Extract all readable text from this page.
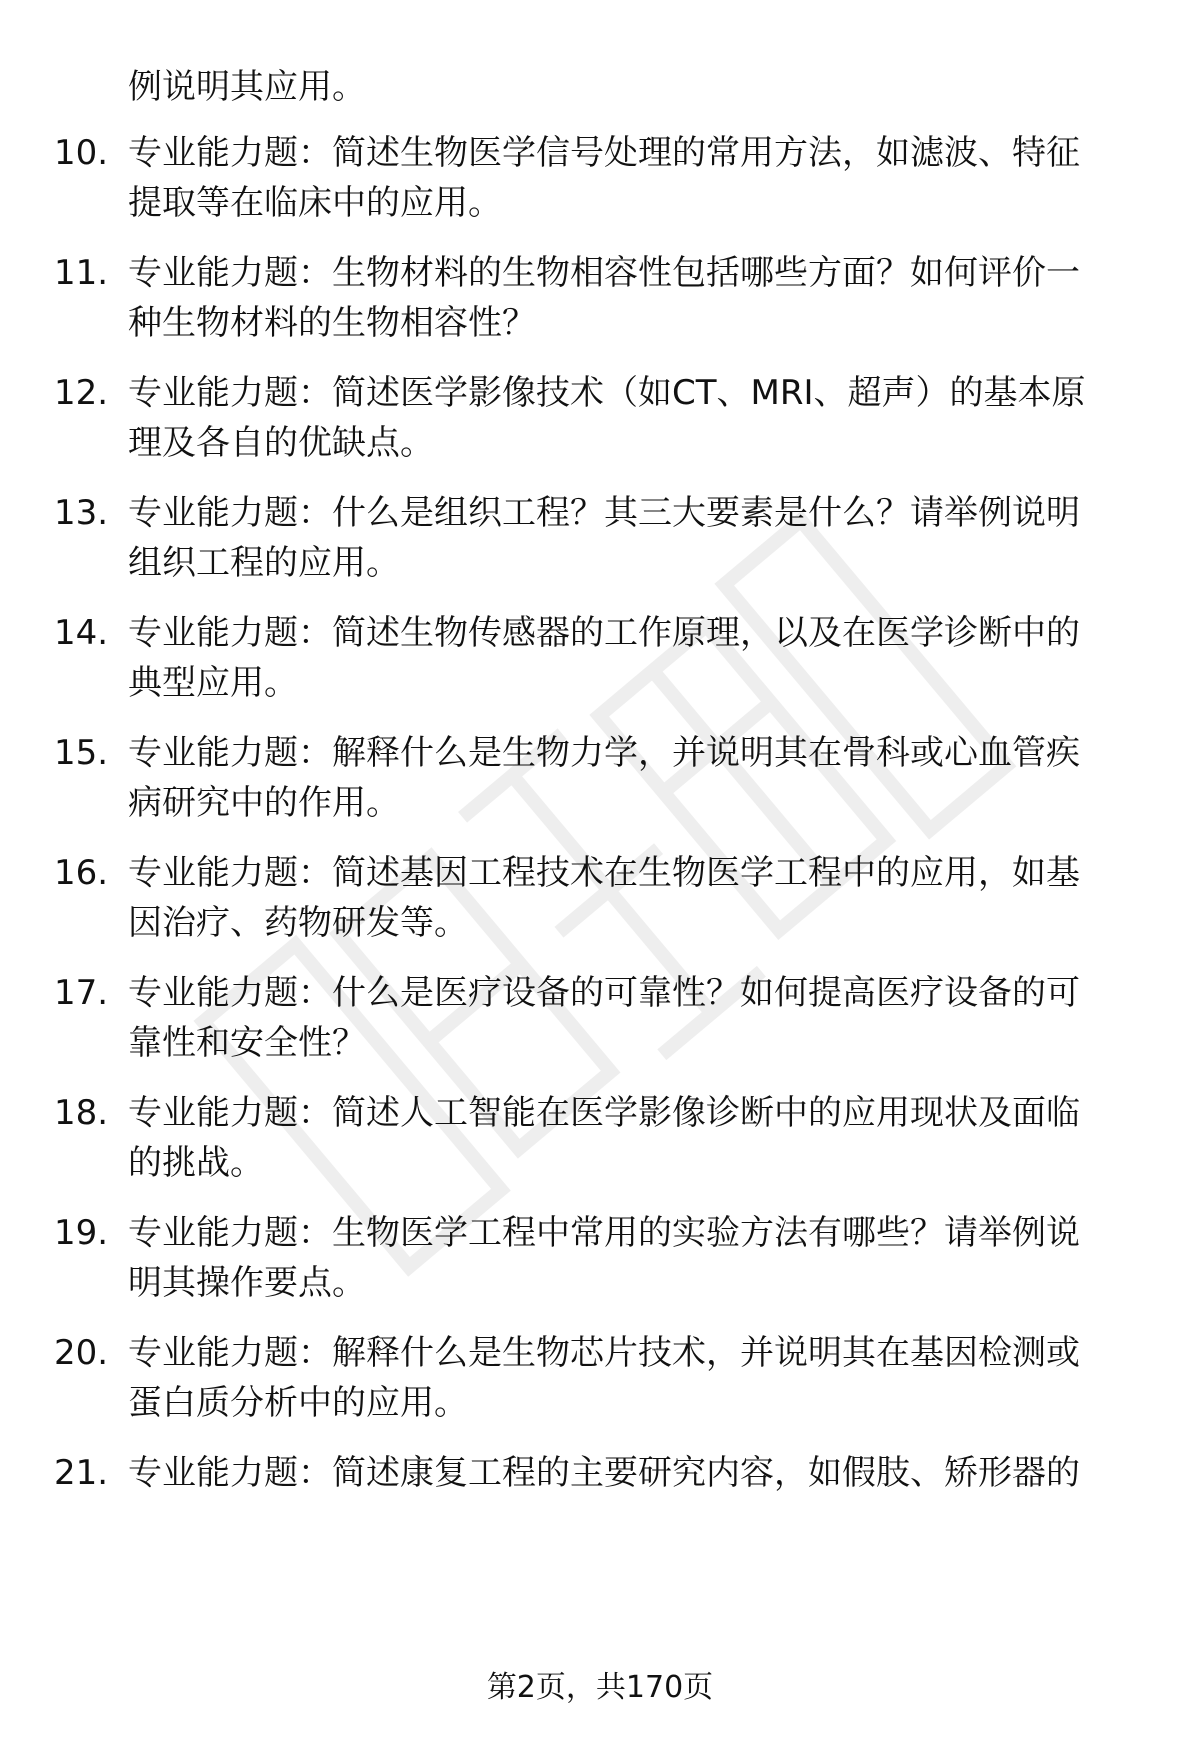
例说明其应用。
10. 专业能力题：简述生物医学信号处理的常用方法，如滤波、特征
提取等在临床中的应用。
11. 专业能力题：生物材料的生物相容性包括哪些方面？如何评价一
种生物材料的生物相容性？
12. 专业能力题：简述医学影像技术（如CT、MRI、超声）的基本原
理及各自的优缺点。
13. 专业能力题：什么是组织工程？其三大要素是什么？请举例说明
组织工程的应用。
14. 专业能力题：简述生物传感器的工作原理，以及在医学诊断中的
典型应用。
15. 专业能力题：解释什么是生物力学，并说明其在骨科或心血管疾
病研究中的作用。
16. 专业能力题：简述基因工程技术在生物医学工程中的应用，如基
因治疗、药物研发等。
17. 专业能力题：什么是医疗设备的可靠性？如何提高医疗设备的可
靠性和安全性？
18. 专业能力题：简述人工智能在医学影像诊断中的应用现状及面临
的挑战。
19. 专业能力题：生物医学工程中常用的实验方法有哪些？请举例说
明其操作要点。
20. 专业能力题：解释什么是生物芯片技术，并说明其在基因检测或
蛋白质分析中的应用。
21. 专业能力题：简述康复工程的主要研究内容，如假肢、矫形器的
第2页，共170页
